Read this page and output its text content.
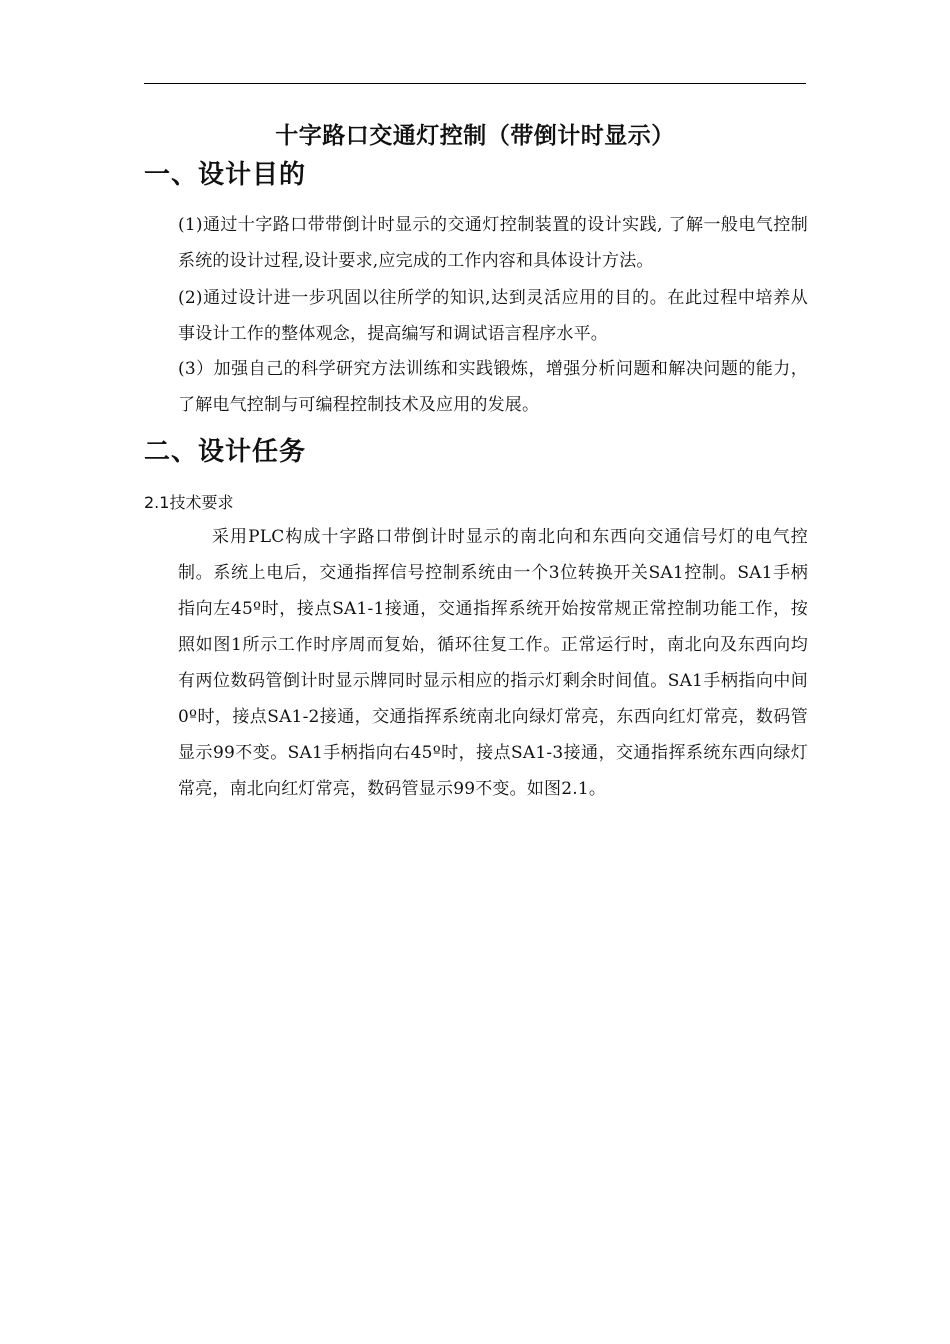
十字路口交通灯控制（带倒计时显示）
一、设计目的
(1)通过十字路口带带倒计时显示的交通灯控制装置的设计实践, 了解一般电气控制系统的设计过程,设计要求,应完成的工作内容和具体设计方法。
(2)通过设计进一步巩固以往所学的知识,达到灵活应用的目的。在此过程中培养从事设计工作的整体观念，提高编写和调试语言程序水平。
(3）加强自己的科学研究方法训练和实践锻炼，增强分析问题和解决问题的能力，了解电气控制与可编程控制技术及应用的发展。
二、设计任务
2.1技术要求
采用PLC构成十字路口带倒计时显示的南北向和东西向交通信号灯的电气控制。系统上电后，交通指挥信号控制系统由一个3位转换开关SA1控制。SA1手柄指向左45º时，接点SA1-1接通，交通指挥系统开始按常规正常控制功能工作，按照如图1所示工作时序周而复始，循环往复工作。正常运行时，南北向及东西向均有两位数码管倒计时显示牌同时显示相应的指示灯剩余时间值。SA1手柄指向中间0º时，接点SA1-2接通，交通指挥系统南北向绿灯常亮，东西向红灯常亮，数码管显示99不变。SA1手柄指向右45º时，接点SA1-3接通，交通指挥系统东西向绿灯常亮，南北向红灯常亮，数码管显示99不变。如图2.1。
